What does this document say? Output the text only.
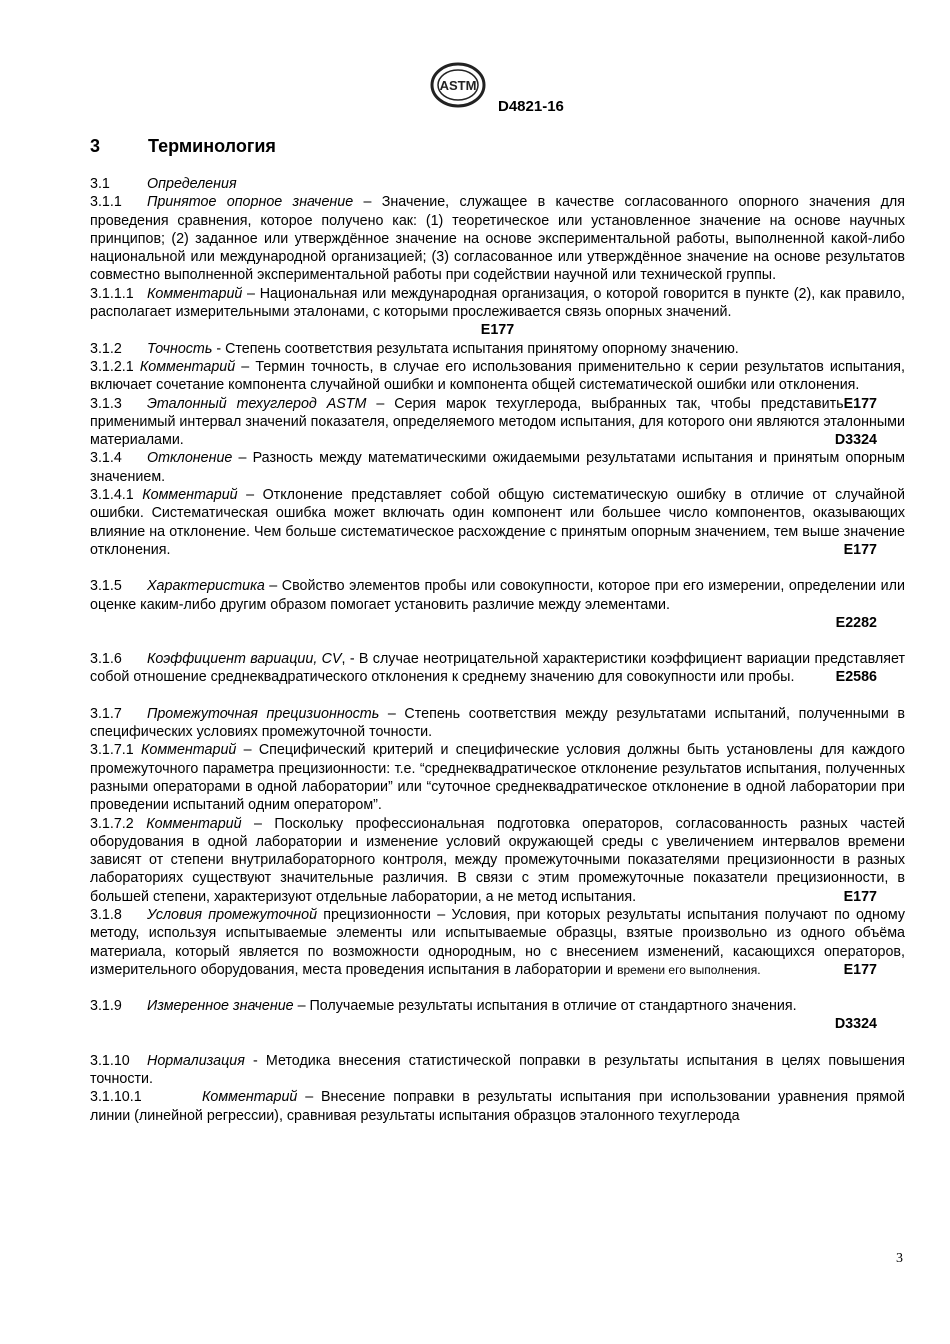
ASTM
D4821-16
3	Терминология

3.1	Определения

3.1.1 Принятое опорное значение – Значение, служащее в качестве согласованного опорного значения для проведения сравнения, которое получено как: (1) теоретическое или установленное значение на основе научных принципов; (2) заданное или утверждённое значение на основе экспериментальной работы, выполненной какой-либо национальной или международной организацией; (3) согласованное или утверждённое значение на основе результатов совместно выполненной экспериментальной работы при содействии научной или технической группы.

3.1.1.1 Комментарий – Национальная или международная организация, о которой говорится в пункте (2), как правило, располагает измерительными эталонами, с которыми прослеживается связь опорных значений.

E177

3.1.2 Точность - Степень соответствия результата испытания принятому опорному значению.

3.1.2.1 Комментарий – Термин точность, в случае его использования применительно к серии результатов испытания, включает сочетание компонента случайной ошибки и компонента общей систематической ошибки или отклонения.
E177

3.1.3 Эталонный техуглерод ASTM – Серия марок техуглерода, выбранных так, чтобы представить применимый интервал значений показателя, определяемого методом испытания, для которого они являются эталонными материалами.	D3324

3.1.4 Отклонение – Разность между математическими ожидаемыми результатами испытания и принятым опорным значением.

3.1.4.1 Комментарий – Отклонение представляет собой общую систематическую ошибку в отличие от случайной ошибки. Систематическая ошибка может включать один компонент или большее число компонентов, оказывающих влияние на отклонение. Чем больше систематическое расхождение с принятым опорным значением, тем выше значение отклонения.	E177

3.1.5 Характеристика – Свойство элементов пробы или совокупности, которое при его измерении, определении или оценке каким-либо другим образом помогает установить различие между элементами.

E2282

3.1.6 Коэффициент вариации, CV, - В случае неотрицательной характеристики коэффициент вариации представляет собой отношение среднеквадратического отклонения к среднему значению для совокупности или пробы.	E2586

3.1.7 Промежуточная прецизионность – Степень соответствия между результатами испытаний, полученными в специфических условиях промежуточной точности.

3.1.7.1 Комментарий – Специфический критерий и специфические условия должны быть установлены для каждого промежуточного параметра прецизионности: т.е. “среднеквадратическое отклонение результатов испытания, полученных разными операторами в одной лаборатории” или “суточное среднеквадратическое отклонение в одной лаборатории при проведении испытаний одним оператором”.

3.1.7.2 Комментарий – Поскольку профессиональная подготовка операторов, согласованность разных частей оборудования в одной лаборатории и изменение условий окружающей среды с увеличением интервалов времени зависят от степени внутрилабораторного контроля, между промежуточными показателями прецизионности в разных лабораториях существуют значительные различия. В связи с этим промежуточные показатели прецизионности, в большей степени, характеризуют отдельные лаборатории, а не метод испытания.	E177

3.1.8 Условия промежуточной прецизионности – Условия, при которых результаты испытания получают по одному методу, используя испытываемые элементы или испытываемые образцы, взятые произвольно из одного объёма материала, который является по возможности однородным, но с внесением изменений, касающихся операторов, измерительного оборудования, места проведения испытания в лаборатории и времени его выполнения.	E177

3.1.9 Измеренное значение – Получаемые результаты испытания в отличие от стандартного значения.

D3324

3.1.10 Нормализация - Методика внесения статистической поправки в результаты испытания в целях повышения точности.

3.1.10.1	Комментарий – Внесение поправки в результаты испытания при использовании уравнения прямой линии (линейной регрессии), сравнивая результаты испытания образцов эталонного техуглерода

3
